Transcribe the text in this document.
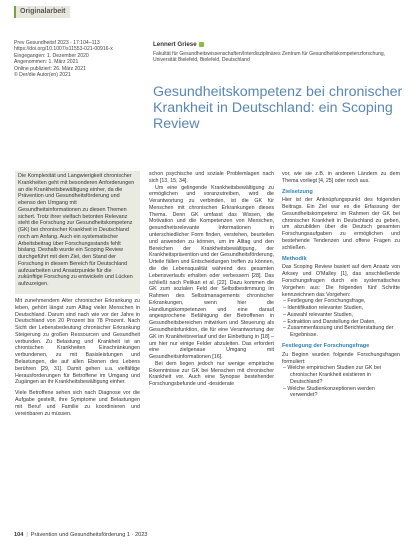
Originalarbeit
Prev Gesundheitsf 2023 · 17:104–113
https://doi.org/10.1007/s11553-021-00916-x
Eingegangen: 1. Dezember 2020
Angenommen: 1. März 2021
Online publiziert: 26. März 2021
© Der/die Autor(en) 2021
Lennert Griese
Fakultät für Gesundheitswissenschaften/Interdisziplinäres Zentrum für Gesundheitskompetenzforschung, Universität Bielefeld, Bielefeld, Deutschland
Gesundheitskompetenz bei chronischer Krankheit in Deutschland: ein Scoping Review
Die Komplexität und Langwierigkeit chronischer Krankheiten geht mit besonderen Anforderungen an die Krankheitsbewältigung einher, da die Prävention und Gesundheitsförderung und ebenso den Umgang mit Gesundheitsinformationen zu diesen Themen sichert. Trotz ihrer vielfach betonten Relevanz steht die Forschung zur Gesundheitskompetenz (GK) bei chronischer Krankheit in Deutschland noch am Anfang. Auch ein systematischer Arbeitsbeitrag über Forschungsstands fehlt bislang. Deshalb wurde ein Scoping Review durchgeführt mit dem Ziel, den Stand der Forschung in diesem Bereich für Deutschland aufzuarbeiten und Ansatzpunkte für die zukünftige Forschung zu entwickeln und Lücken aufzuzeigen.

Mit zunehmendem Alter chronischer Erkrankung zu leben, gehört längst zum Alltag vieler Menschen in Deutschland. Darum sind nach wie vor der Jahre in Deutschland von 20 Prozent bis 78 Prozent. Nach Sicht der Lebensbedeutung chronischer Erkrankung Steigerung zu großen Ressourcen und Gesundheit verbunden. Zu Belastung und Krankheit ist an chronischen Krankheiten Einschränkungen verbundenen, zu mit Basisleistungen und Belastungen, die auf allen Ebenen des Lebens berühren [29, 31]. Damit gehen u.a. vielfältige Herausforderungen für Betroffene im Umgang und Zugängen an ihr Krankheitsbewältigung einher.

Viele Betroffene sehen sich nach Diagnose vor die Aufgabe gestellt, ihre Symptome und Belastungen mit Beruf und Familie zu koordinieren und vereinbaren zu müssen.

schon psychische und soziale Problemlagen nach sich [13, 15, 34].

Um eine gelingende Krankheitsbewältigung zu ermöglichen und voranzutreiben, wird die Verantwortung zu verbinden, ist die GK für Menschen mit chronischen Erkrankungen dieses Thema. Denn GK umfasst das Wissen, die Motivation und die Kompetenzen von Menschen, gesundheitsrelevante Informationen in unterschiedlicher Form finden, verstehen, beurteilen und anwenden zu können, um im Alltag und den Bereichen der Krankheitsbewältigung, der Krankheitsprävention und der Gesundheitsförderung, Urteile fällen und Entscheidungen treffen zu können, die die Lebensqualität während des gesamten Lebensverlaufs erhalten oder verbessern [28]. Das schließt nach Pelikan et al. [22]. Dazu kommen die GK zum sozialen Feld der Selbstbestimmung im Rahmen des Selbstmanagements chronischer Erkrankungen, wenn hier die Handlungskompetenzen und eine darauf angesprochene Befähigung der Betroffenen in Gesundheitsbereichen mitwirken und Steuerung als Gesundheitsfunktion, die für eine Verantwortung der GK im Krankheitsverlauf und der Einbettung in [18] – um hier nur einige Felder abzuleiten. Das erfordert eine zielgenaue Umgang mit Gesundheitsinformationen [16].

Bei dem liegen jedoch nur wenige empirische Erkenntnisse zur GK bei Menschen mit chronischer Krankheit vor. Auch eine Synopse bestehender Forschungsbefunde und -desiderate

vor, wie sie z.B. in anderen Ländern zu dem Thema vorliegt [4, 25] oder noch aus.

Zielsetzung

Hier ist der Anknüpfungspunkt des folgenden Beitrags. Ein Ziel war es die Erfassung der Gesundheitskompetenz im Rahmen der GK bei chronischer Krankheit in Deutschland zu geben, um abzubilden über die Deutsch gesamten Forschungsaufgaben zu ermöglichen und bestehende Tendenzen und offene Fragen zu schließen.

Methodik

Das Scoping Review basiert auf dem Ansatz von Arksey und O'Malley [1], das anschließende Forschungsfragen durch ein systematisches Vorgehen aus: Die folgenden fünf Schritte kennzeichnen das Vorgehen:

– Festlegung der Forschungsfrage,

– Identifikation relevanter Studien,

– Auswahl relevanter Studien,

– Extraktion und Darstellung der Daten,

– Zusammenfassung und Berichterstattung der Ergebnisse.

Festlegung der Forschungsfrage

Zu Beginn wurden folgende Forschungsfragen formuliert:

– Welche empirischen Studien zur GK bei chronischer Krankheit existieren in Deutschland?

– Welche Studienkonzeptionen werden verwendet?

104 | Prävention und Gesundheitsförderung 1 · 2023
